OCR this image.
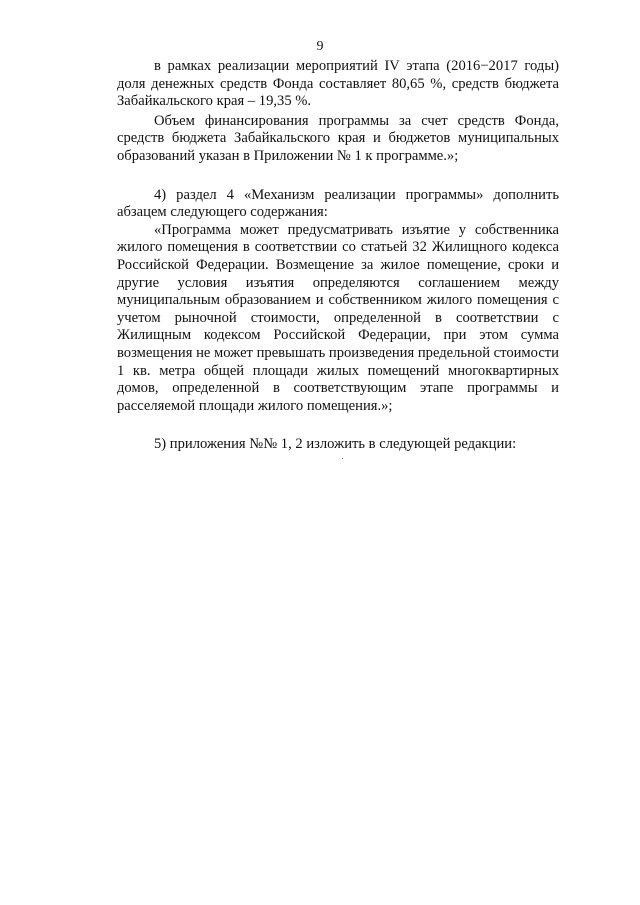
9

в рамках реализации мероприятий IV этапа (2016−2017 годы) доля денежных средств Фонда составляет 80,65 %, средств бюджета Забайкальского края – 19,35 %.

Объем финансирования программы за счет средств Фонда, средств бюджета Забайкальского края и бюджетов муниципальных образований указан в Приложении № 1 к программе.»;

4) раздел 4 «Механизм реализации программы» дополнить абзацем следующего содержания:

«Программа может предусматривать изъятие у собственника жилого помещения в соответствии со статьей 32 Жилищного кодекса Российской Федерации. Возмещение за жилое помещение, сроки и другие условия изъятия определяются соглашением между муниципальным образованием и собственником жилого помещения с учетом рыночной стоимости, определенной в соответствии с Жилищным кодексом Российской Федерации, при этом сумма возмещения не может превышать произведения предельной стоимости 1 кв. метра общей площади жилых помещений многоквартирных домов, определенной в соответствующим этапе программы и расселяемой площади жилого помещения.»;

5) приложения №№ 1, 2 изложить в следующей редакции:
